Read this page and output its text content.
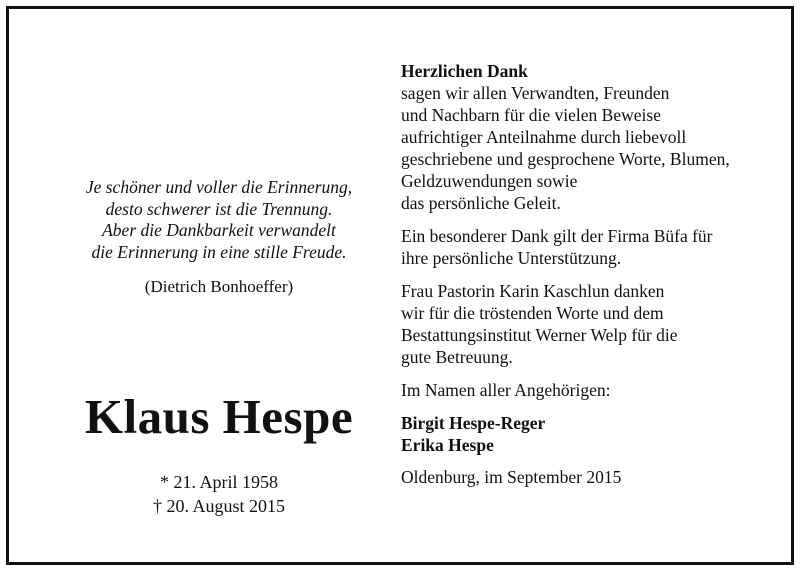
Je schöner und voller die Erinnerung,
desto schwerer ist die Trennung.
Aber die Dankbarkeit verwandelt
die Erinnerung in eine stille Freude.
(Dietrich Bonhoeffer)
Klaus Hespe
* 21. April 1958
† 20. August 2015
Herzlichen Dank
sagen wir allen Verwandten, Freunden
und Nachbarn für die vielen Beweise
aufrichtiger Anteilnahme durch liebevoll
geschriebene und gesprochene Worte, Blumen,
Geldzuwendungen sowie
das persönliche Geleit.
Ein besonderer Dank gilt der Firma Büfa für
ihre persönliche Unterstützung.
Frau Pastorin Karin Kaschlun danken
wir für die tröstenden Worte und dem
Bestattungsinstitut Werner Welp für die
gute Betreuung.
Im Namen aller Angehörigen:
Birgit Hespe-Reger
Erika Hespe
Oldenburg, im September 2015
